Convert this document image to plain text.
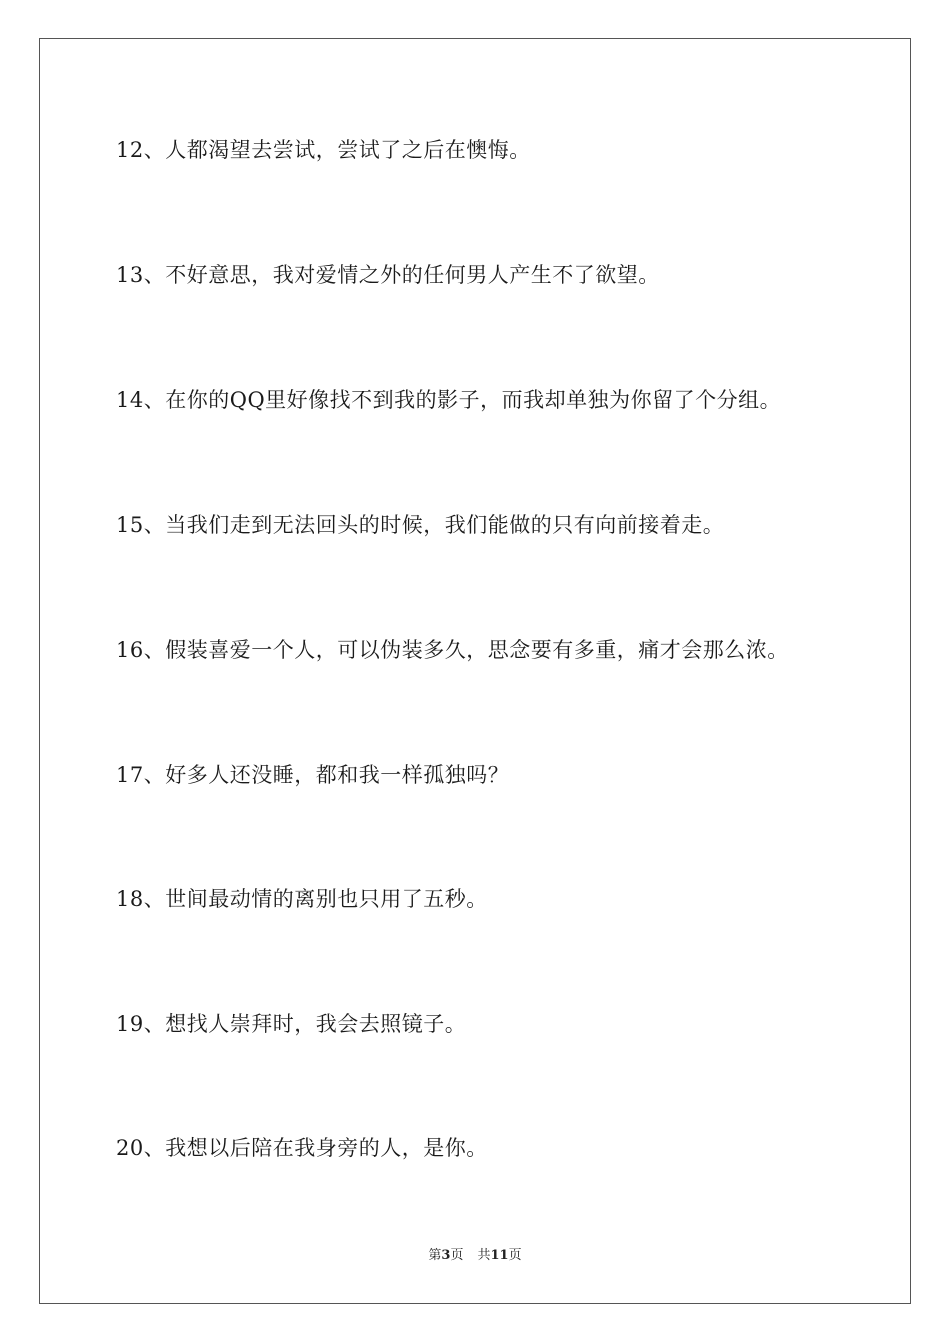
12、人都渴望去尝试，尝试了之后在懊悔。
13、不好意思，我对爱情之外的任何男人产生不了欲望。
14、在你的QQ里好像找不到我的影子，而我却单独为你留了个分组。
15、当我们走到无法回头的时候，我们能做的只有向前接着走。
16、假装喜爱一个人，可以伪装多久，思念要有多重，痛才会那么浓。
17、好多人还没睡，都和我一样孤独吗？
18、世间最动情的离别也只用了五秒。
19、想找人崇拜时，我会去照镜子。
20、我想以后陪在我身旁的人，是你。
第3页 共11页
